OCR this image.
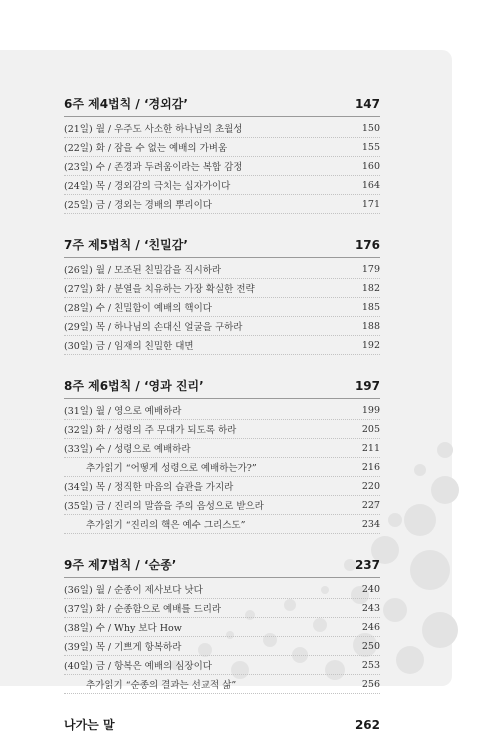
6주 제4법칙 / ‘경외감’	147
(21일) 월 / 우주도 사소한 하나님의 초월성	150
(22일) 화 / 잠을 수 없는 예배의 가벼움	155
(23일) 수 / 존경과 두려움이라는 복합 감정	160
(24일) 목 / 경외감의 극치는 십자가이다	164
(25일) 금 / 경외는 경배의 뿌리이다	171
7주 제5법칙 / ‘친밀감’	176
(26일) 월 / 모조된 친밀감을 직시하라	179
(27일) 화 / 분열을 치유하는 가장 확실한 전략	182
(28일) 수 / 친밀함이 예배의 핵이다	185
(29일) 목 / 하나님의 손대신 얼굴을 구하라	188
(30일) 금 / 임재의 친밀한 대면	192
8주 제6법칙 / ‘영과 진리’	197
(31일) 월 / 영으로 예배하라	199
(32일) 화 / 성령의 주 무대가 되도록 하라	205
(33일) 수 / 성령으로 예배하라	211
추가읽기 “어떻게 성령으로 예배하는가?”	216
(34일) 목 / 정직한 마음의 습관을 가지라	220
(35일) 금 / 진리의 말씀을 주의 음성으로 받으라	227
추가읽기 “진리의 핵은 예수 그리스도”	234
9주 제7법칙 / ‘순종’	237
(36일) 월 / 순종이 제사보다 낫다	240
(37일) 화 / 순종함으로 예배를 드리라	243
(38일) 수 / Why 보다 How	246
(39일) 목 / 기쁘게 항복하라	250
(40일) 금 / 항복은 예배의 심장이다	253
추가읽기 “순종의 결과는 선교적 삶”	256
나가는 말	262
